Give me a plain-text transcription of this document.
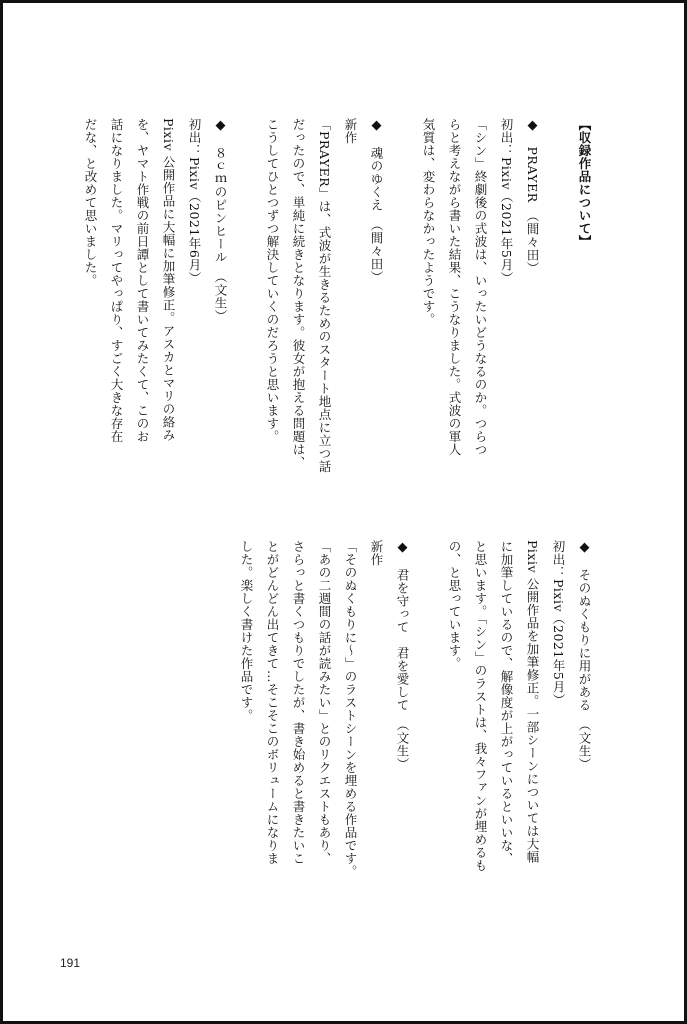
【収録作品について】
◆　PRAYER　（間々田）
初出：Pixiv（2021年5月）
「シン」終劇後の式波は、いったいどうなるのか。つらつ
らと考えながら書いた結果、こうなりました。式波の軍人
気質は、変わらなかったようです。
◆　魂のゆくえ　（間々田）
新作
「PRAYER」は、式波が生きるためのスタート地点に立つ話
だったので、単純に続きとなります。彼女が抱える問題は、
こうしてひとつずつ解決していくのだろうと思います。
◆　８ｃｍのピンヒール　（文生）
初出：Pixiv（2021年6月）
Pixiv 公開作品に大幅に加筆修正。アスカとマリの絡み
を、ヤマト作戦の前日譚として書いてみたくて、このお
話になりました。マリってやっぱり、すごく大きな存在
だな、と改めて思いました。
◆　そのぬくもりに用がある　（文生）
初出：Pixiv（2021年5月）
Pixiv 公開作品を加筆修正。一部シーンについては大幅
に加筆しているので、解像度が上がっているといいな、
と思います。「シン」のラストは、我々ファンが埋めるも
の、と思っています。
◆　君を守って　君を愛して　（文生）
新作
「そのぬくもりに〜」のラストシーンを埋める作品です。
「あの二週間の話が読みたい」とのリクエストもあり、
さらっと書くつもりでしたが、書き始めると書きたいこ
とがどんどん出てきて…そこそこのボリュームになりま
した。楽しく書けた作品です。
191
